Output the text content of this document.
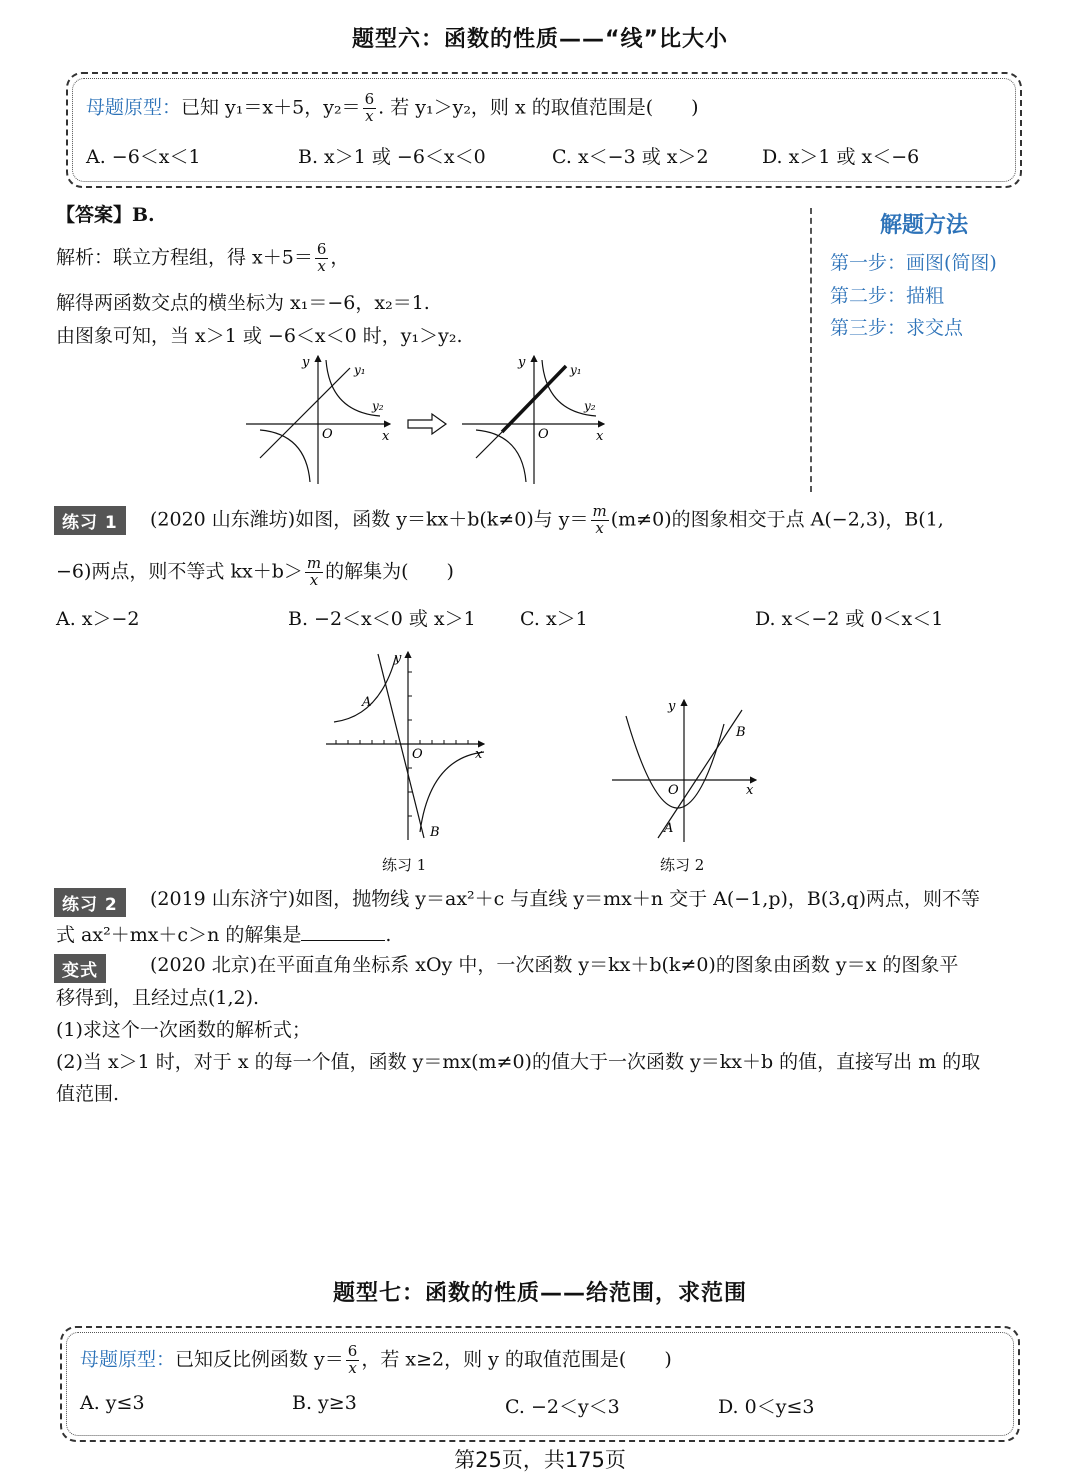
题型六：函数的性质——“线”比大小
母题原型：已知 y₁＝x＋5，$y_2= \frac{6}{x}$ . 若 y₁＞y₂，则 x 的取值范围是(　　)
A. −6＜x＜1	B. x＞1 或 −6＜x＜0	C. x＜−3 或 x＞2	D. x＞1 或 x＜−6
【答案】B.
解析：联立方程组，得 $x+5= \frac{6}{x}$ ，
解得两函数交点的横坐标为 x₁＝−6，x₂＝1.
由图象可知，当 x＞1 或 −6＜x＜0 时，y₁＞y₂.
解题方法
第一步：画图(简图)
第二步：描粗
第三步：求交点
y
x
O
y₁
y₂
y
x
O
y₁
y₂
练习 1	(2020 山东潍坊)如图，函数 y＝kx＋b(k≠0)与 $y= \frac{m}{x} (m\ne 0)$的图象相交于点 A(−2,3)，B(1,
−6)两点，则不等式 $kx+b> \frac{m}{x}$ 的解集为(　　)
A. x＞−2	B. −2＜x＜0 或 x＞1 C. x＞1	D. x＜−2 或 0＜x＜1
y
x
O
A
B
练习 1
y
x
O
A
B
练习 2
练习 2	(2019 山东济宁)如图，抛物线 y＝ax²＋c 与直线 y＝mx＋n 交于 A(−1,p)，B(3,q)两点，则不等
式 ax²＋mx＋c＞n 的解集是	.
变式	(2020 北京)在平面直角坐标系 xOy 中，一次函数 y＝kx＋b(k≠0)的图象由函数 y＝x 的图象平
移得到，且经过点(1,2).
(1)求这个一次函数的解析式；
(2)当 x＞1 时，对于 x 的每一个值，函数 y＝mx(m≠0)的值大于一次函数 y＝kx＋b 的值，直接写出 m 的取
值范围.
题型七：函数的性质——给范围，求范围
母题原型：已知反比例函数 $y= \frac{6}{x}$ ，若 x≥2，则 y 的取值范围是(　　)
A. y≤3	B. y≥3	C. −2＜y＜3	D. 0＜y≤3
第25页，共175页
